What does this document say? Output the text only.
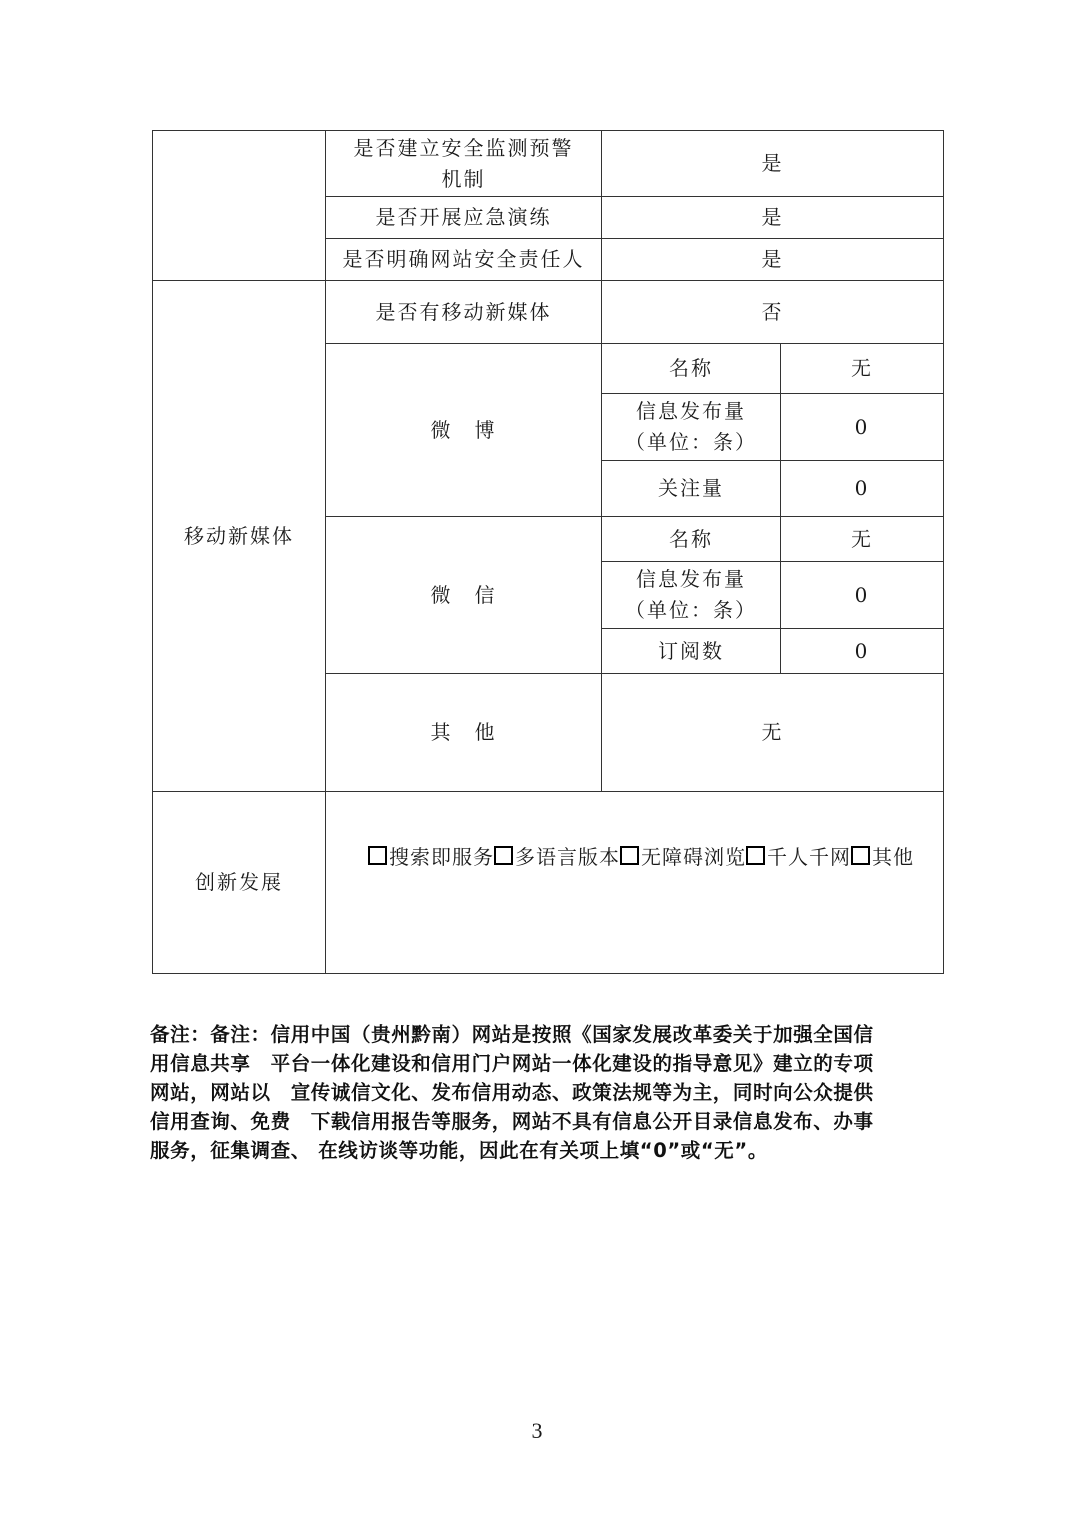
	是否建立安全监测预警
机制	是	
	是否开展应急演练	是	
	是否明确网站安全责任人	是	
移动新媒体	是否有移动新媒体	否	
	微　博	名称	无

		信息发布量
（单位：条）	0
		关注量	0
	微　信	名称	无

		信息发布量
（单位：条）	0
		订阅数	0
	其　他	无	
创新发展	搜索即服务 多语言版本 无障碍浏览 千人千网 其他		

备注：备注：信用中国（贵州黔南）网站是按照《国家发展改革委关于加强全国信

用信息共享　平台一体化建设和信用门户网站一体化建设的指导意见》建立的专项

网站，网站以　宣传诚信文化、发布信用动态、政策法规等为主，同时向公众提供

信用查询、免费　下载信用报告等服务，网站不具有信息公开目录信息发布、办事

服务，征集调查、 在线访谈等功能，因此在有关项上填“0”或“无”。

3
